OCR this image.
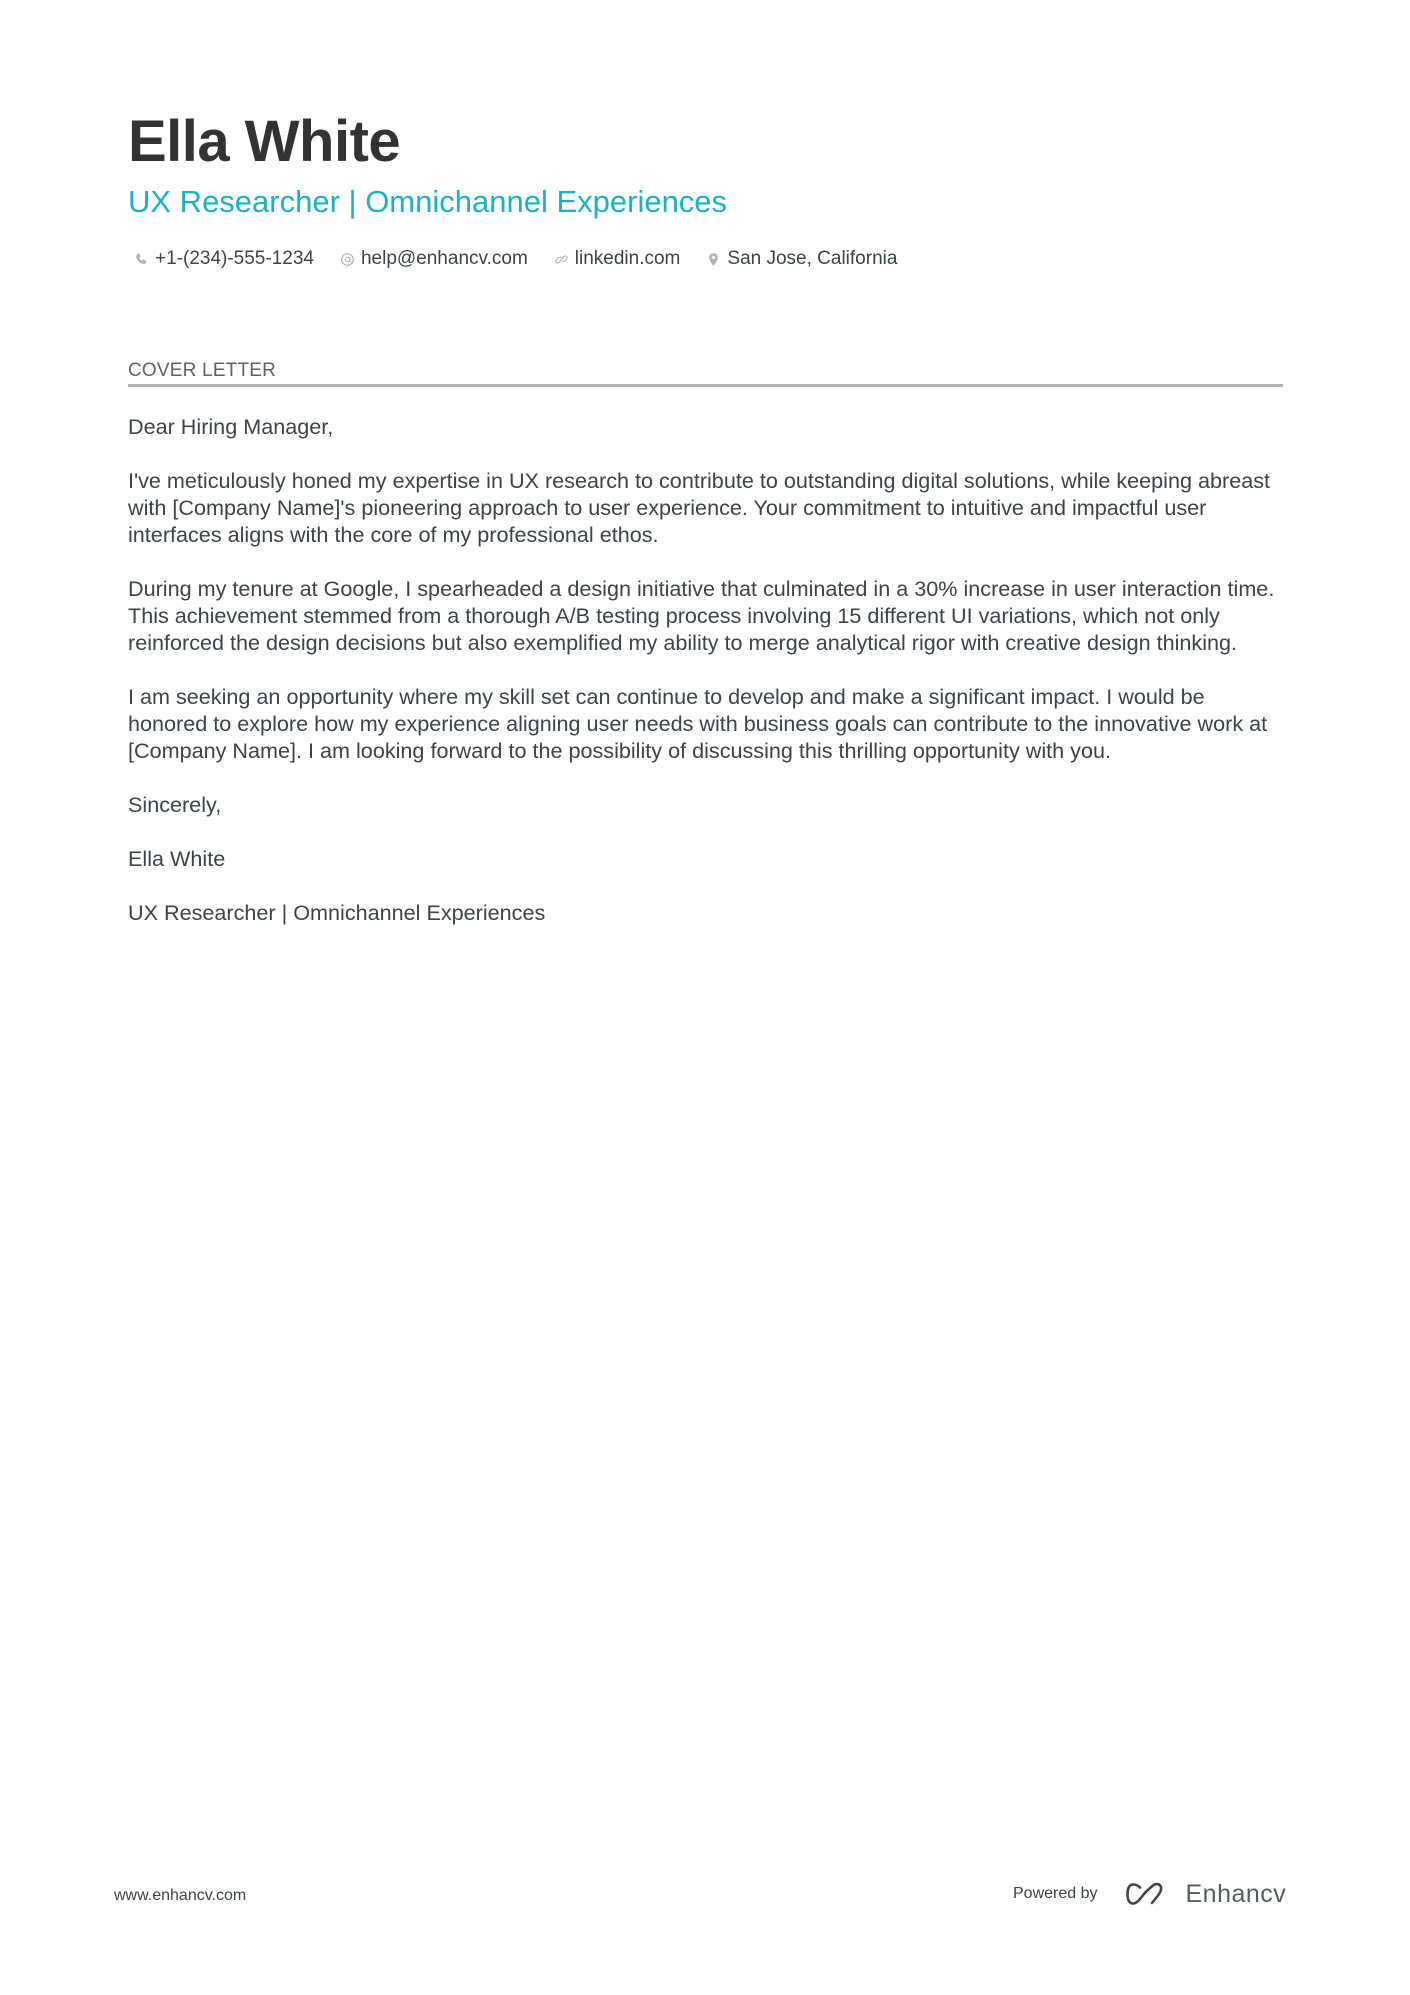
Ella White
UX Researcher | Omnichannel Experiences
+1-(234)-555-1234 help@enhancv.com linkedin.com San Jose, California
COVER LETTER

Dear Hiring Manager,

I've meticulously honed my expertise in UX research to contribute to outstanding digital solutions, while keeping abreast with [Company Name]'s pioneering approach to user experience. Your commitment to intuitive and impactful user interfaces aligns with the core of my professional ethos.

During my tenure at Google, I spearheaded a design initiative that culminated in a 30% increase in user interaction time. This achievement stemmed from a thorough A/B testing process involving 15 different UI variations, which not only reinforced the design decisions but also exemplified my ability to merge analytical rigor with creative design thinking.

I am seeking an opportunity where my skill set can continue to develop and make a significant impact. I would be honored to explore how my experience aligning user needs with business goals can contribute to the innovative work at [Company Name]. I am looking forward to the possibility of discussing this thrilling opportunity with you.

Sincerely,

Ella White

UX Researcher | Omnichannel Experiences

www.enhancv.com	Powered by	Enhancv
